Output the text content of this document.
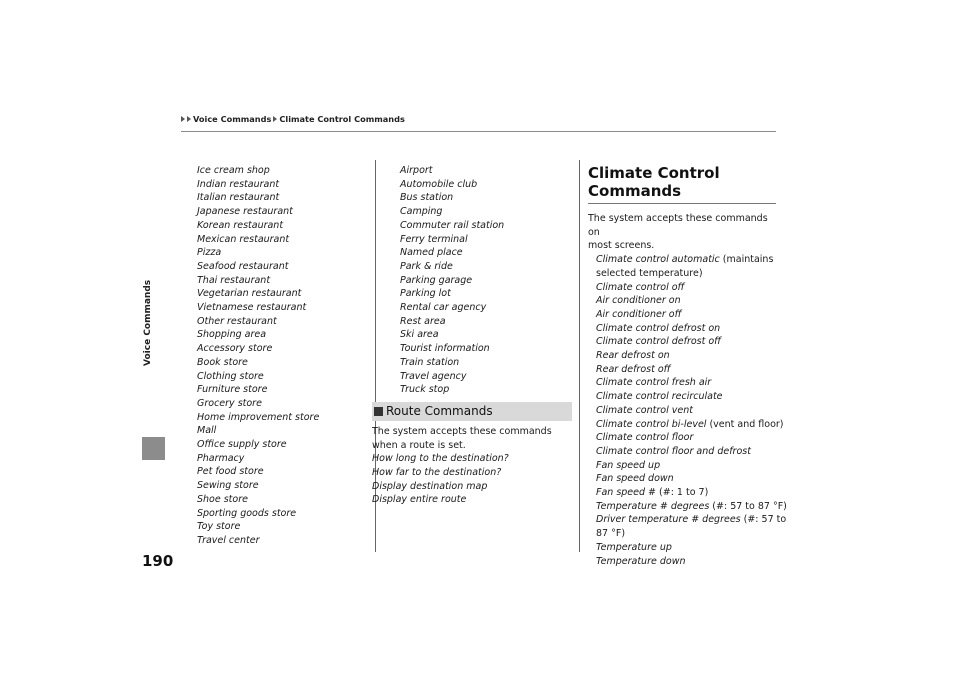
Voice Commands Climate Control Commands
Voice Commands
190
Ice cream shop
Indian restaurant
Italian restaurant
Japanese restaurant
Korean restaurant
Mexican restaurant
Pizza
Seafood restaurant
Thai restaurant
Vegetarian restaurant
Vietnamese restaurant
Other restaurant
Shopping area
Accessory store
Book store
Clothing store
Furniture store
Grocery store
Home improvement store
Mall
Office supply store
Pharmacy
Pet food store
Sewing store
Shoe store
Sporting goods store
Toy store
Travel center
Airport
Automobile club
Bus station
Camping
Commuter rail station
Ferry terminal
Named place
Park & ride
Parking garage
Parking lot
Rental car agency
Rest area
Ski area
Tourist information
Train station
Travel agency
Truck stop
Route Commands
The system accepts these commands
when a route is set.
How long to the destination?
How far to the destination?
Display destination map
Display entire route
Climate Control
Commands
The system accepts these commands on
most screens.
Climate control automatic (maintains
selected temperature)
Climate control off
Air conditioner on
Air conditioner off
Climate control defrost on
Climate control defrost off
Rear defrost on
Rear defrost off
Climate control fresh air
Climate control recirculate
Climate control vent
Climate control bi-level (vent and floor)
Climate control floor
Climate control floor and defrost
Fan speed up
Fan speed down
Fan speed # (#: 1 to 7)
Temperature # degrees (#: 57 to 87 °F)
Driver temperature # degrees (#: 57 to
87 °F)
Temperature up
Temperature down
